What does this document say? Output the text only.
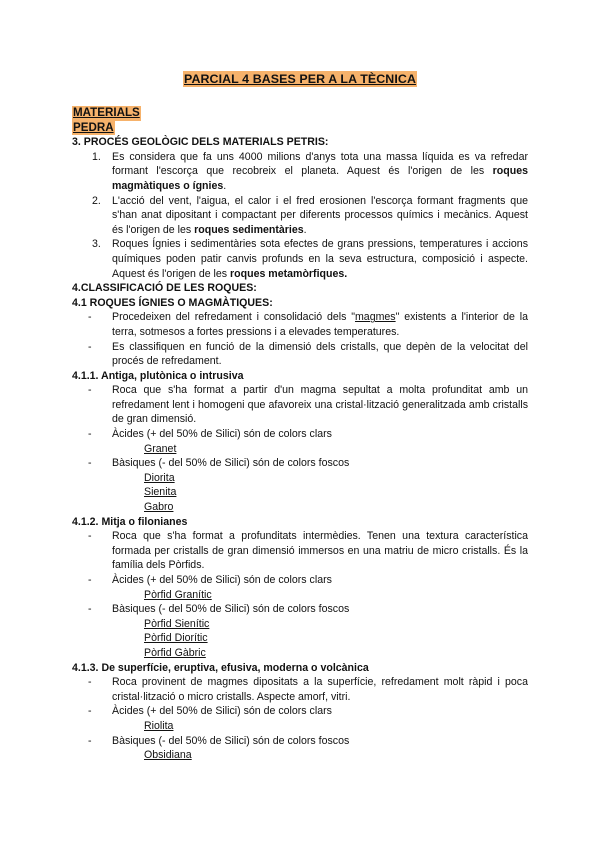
PARCIAL 4 BASES PER A LA TÈCNICA
MATERIALS
PEDRA
3. PROCÉS GEOLÒGIC DELS MATERIALS PETRIS:
1. Es considera que fa uns 4000 milions d'anys tota una massa líquida es va refredar formant l'escorça que recobreix el planeta. Aquest és l'origen de les roques magmàtiques o ígnies.
2. L'acció del vent, l'aigua, el calor i el fred erosionen l'escorça formant fragments que s'han anat dipositant i compactant per diferents processos químics i mecànics. Aquest és l'origen de les roques sedimentàries.
3. Roques Ígnies i sedimentàries sota efectes de grans pressions, temperatures i accions químiques poden patir canvis profunds en la seva estructura, composició i aspecte. Aquest és l'origen de les roques metamòrfiques.
4.CLASSIFICACIÓ DE LES ROQUES:
4.1 ROQUES ÍGNIES O MAGMÀTIQUES:
- Procedeixen del refredament i consolidació dels "magmes" existents a l'interior de la terra, sotmesos a fortes pressions i a elevades temperatures.
- Es classifiquen en funció de la dimensió dels cristalls, que depèn de la velocitat del procés de refredament.
4.1.1. Antiga, plutònica o intrusiva
- Roca que s'ha format a partir d'un magma sepultat a molta profunditat amb un refredament lent i homogeni que afavoreix una cristal·lització generalitzada amb cristalls de gran dimensió.
- Àcides (+ del 50% de Silici) són de colors clars
Granet
- Bàsiques (- del 50% de Silici) són de colors foscos
Diorita
Sienita
Gabro
4.1.2. Mitja o filonianes
- Roca que s'ha format a profunditats intermèdies. Tenen una textura característica formada per cristalls de gran dimensió immersos en una matriu de micro cristalls. És la família dels Pòrfids.
- Àcides (+ del 50% de Silici) són de colors clars
Pòrfid Granític
- Bàsiques (- del 50% de Silici) són de colors foscos
Pòrfid Sienític
Pòrfid Diorític
Pòrfid Gàbric
4.1.3. De superfície, eruptiva, efusiva, moderna o volcànica
- Roca provinent de magmes dipositats a la superfície, refredament molt ràpid i poca cristal·lització o micro cristalls. Aspecte amorf, vitri.
- Àcides (+ del 50% de Silici) són de colors clars
Riolita
- Bàsiques (- del 50% de Silici) són de colors foscos
Obsidiana
